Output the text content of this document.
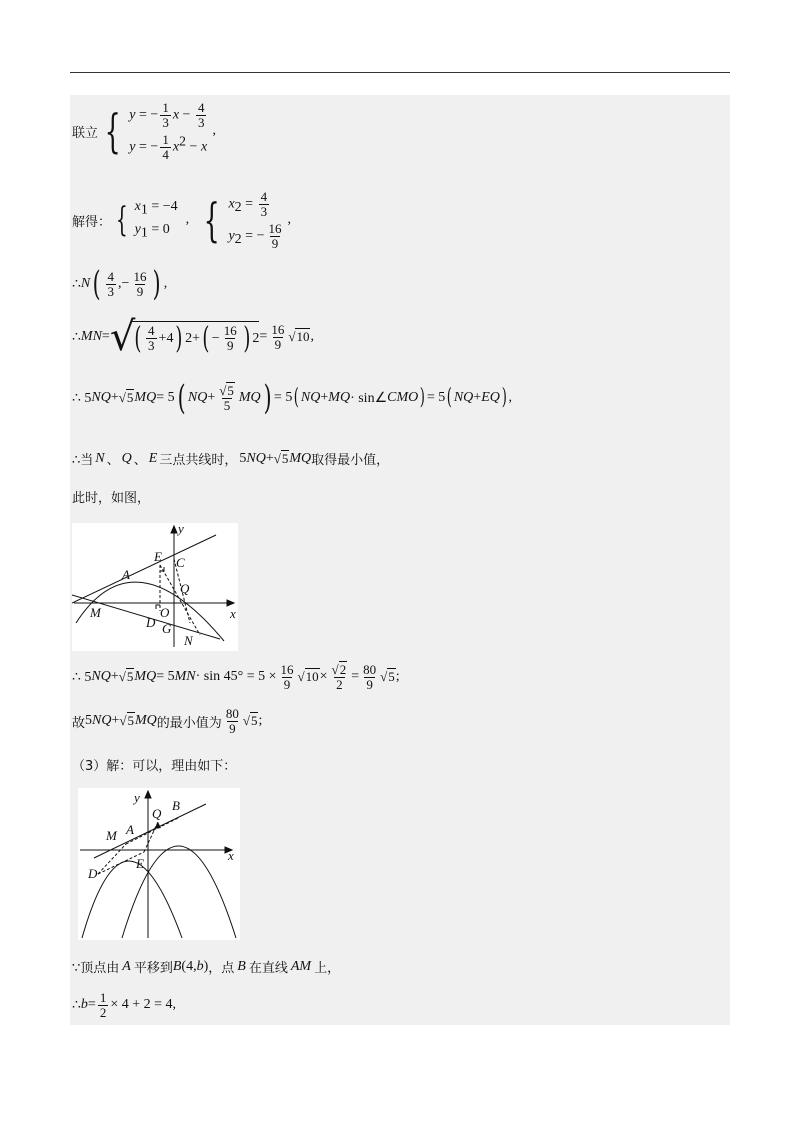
联立 { y = − $\frac{1}{3}$ $x - \frac{4}{3}$
y = − $\frac{1}{4} x^2 - x$
,
解得： { $x_1 = -4$
$y_1 = 0$
, { $x_2 = \frac{4}{3}$
$y_2$ = − $\frac{16}{9}$
,
∴ N ( $\frac{4}{3}$ ,− $\frac{16}{9}$ ) ,
∴ MN = √ ( $\frac{4}{3} +4$ ) 2 + ( − $\frac{16}{9}$ ) $2 = \frac{16}{9} √10$ ,
∴ 5 NQ + √5 MQ = 5 ( NQ + $\frac{√5}{5}$ MQ ) = 5 ( NQ + MQ · sin∠ CMO ) = 5 ( NQ + EQ ) ,
∴当 N 、 Q 、 E 三点共线时， 5 NQ + √5 MQ 取得最小值，
此时，如图，
y
x
E C
A
Q
M	O
D G
N
∴ 5 NQ + √5 MQ = 5 MN · $\sin 45^\circ = 5 \times \frac{16}{9} √10 \times \frac{√2}{2} = \frac{80}{9} √5$ ;
故 5 NQ + √5 MQ 的最小值为 $\frac{80}{9} √5$ ;
（3）解：可以，理由如下：
y
x
Q
B
M A
D
E
∵顶点由 A 平移到 B (4, b ) ，点 B 在直线 AM 上，
∴ $b = \frac{1}{2} \times 4 + 2 = 4$,
